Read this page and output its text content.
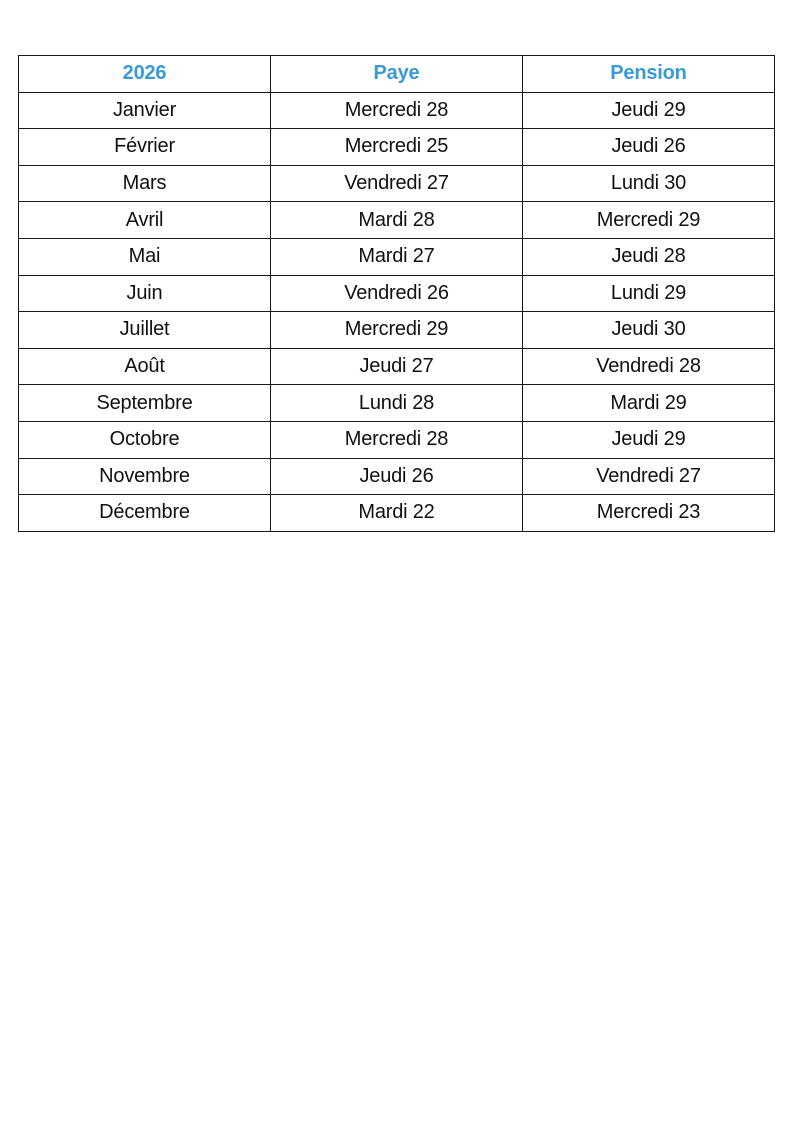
2026	Paye	Pension
Janvier	Mercredi 28	Jeudi 29
Février	Mercredi 25	Jeudi 26
Mars	Vendredi 27	Lundi 30
Avril	Mardi 28	Mercredi 29
Mai	Mardi 27	Jeudi 28
Juin	Vendredi 26	Lundi 29
Juillet	Mercredi 29	Jeudi 30
Août	Jeudi 27	Vendredi 28
Septembre	Lundi 28	Mardi 29
Octobre	Mercredi 28	Jeudi 29
Novembre	Jeudi 26	Vendredi 27
Décembre	Mardi 22	Mercredi 23
